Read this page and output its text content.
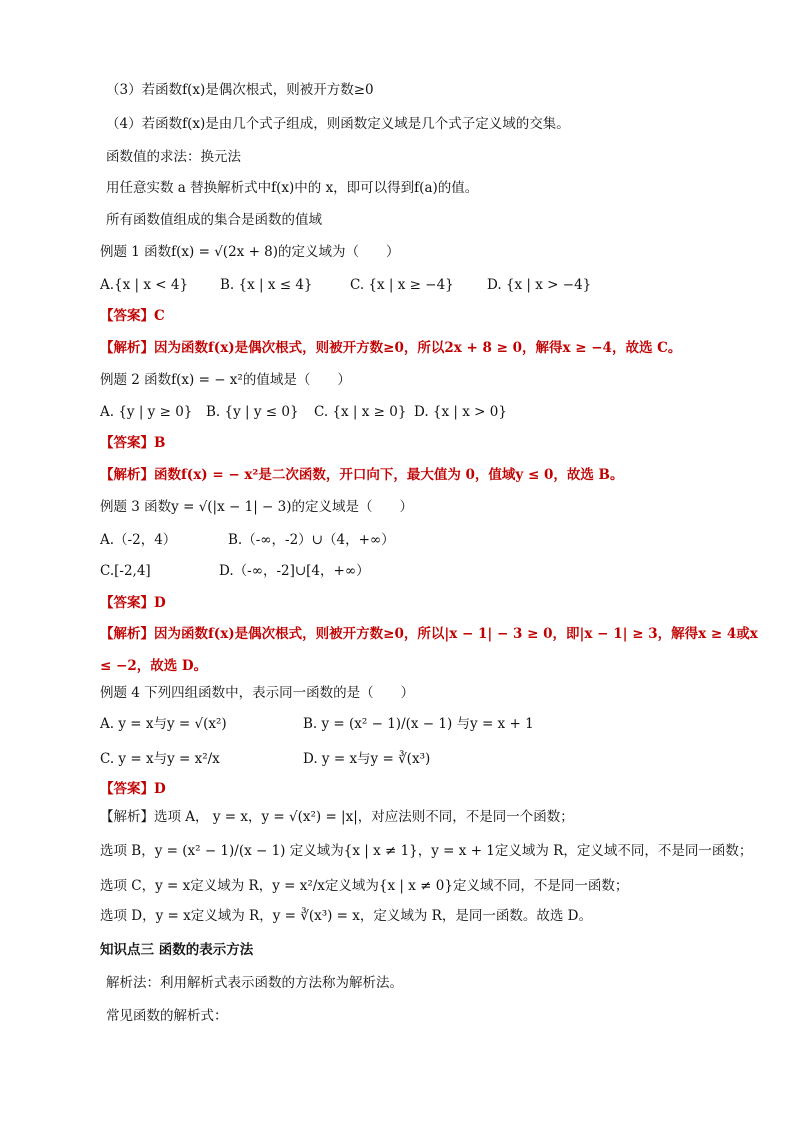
（3）若函数f(x)是偶次根式，则被开方数≥0
（4）若函数f(x)是由几个式子组成，则函数定义域是几个式子定义域的交集。
函数值的求法：换元法
用任意实数 a 替换解析式中f(x)中的 x，即可以得到f(a)的值。
所有函数值组成的集合是函数的值域
例题 1 函数f(x) = √(2x + 8)的定义域为（　　）
A.{x | x < 4} B. {x | x ≤ 4}	C. {x | x ≥ −4} D. {x | x > −4}
【答案】C
【解析】因为函数f(x)是偶次根式，则被开方数≥0，所以2x + 8 ≥ 0，解得x ≥ −4，故选 C。
例题 2 函数f(x) = − x²的值域是（　　）
A. {y | y ≥ 0} B. {y | y ≤ 0} C. {x | x ≥ 0} D. {x | x > 0}
【答案】B
【解析】函数f(x) = − x²是二次函数，开口向下，最大值为 0，值域y ≤ 0，故选 B。
例题 3 函数y = √(|x − 1| − 3)的定义域是（　　）
A.（-2，4）	B.（-∞，-2）∪（4，+∞）
C.[-2,4]	D.（-∞，-2]∪[4，+∞）
【答案】D
【解析】因为函数f(x)是偶次根式，则被开方数≥0，所以|x − 1| − 3 ≥ 0，即|x − 1| ≥ 3，解得x ≥ 4或x
≤ −2，故选 D。
例题 4 下列四组函数中，表示同一函数的是（　　）
A. y = x与y = √(x²)	B. y = (x² − 1)/(x − 1) 与y = x + 1
C. y = x与y = x²/x	D. y = x与y = ∛(x³)
【答案】D
【解析】选项 A， y = x，y = √(x²) = |x|，对应法则不同，不是同一个函数；
选项 B，y = (x² − 1)/(x − 1) 定义域为{x | x ≠ 1}，y = x + 1定义域为 R，定义域不同，不是同一函数；
选项 C，y = x定义域为 R，y = x²/x定义域为{x | x ≠ 0}定义域不同，不是同一函数；
选项 D，y = x定义域为 R，y = ∛(x³) = x，定义域为 R，是同一函数。故选 D。
知识点三 函数的表示方法
解析法：利用解析式表示函数的方法称为解析法。
常见函数的解析式：
